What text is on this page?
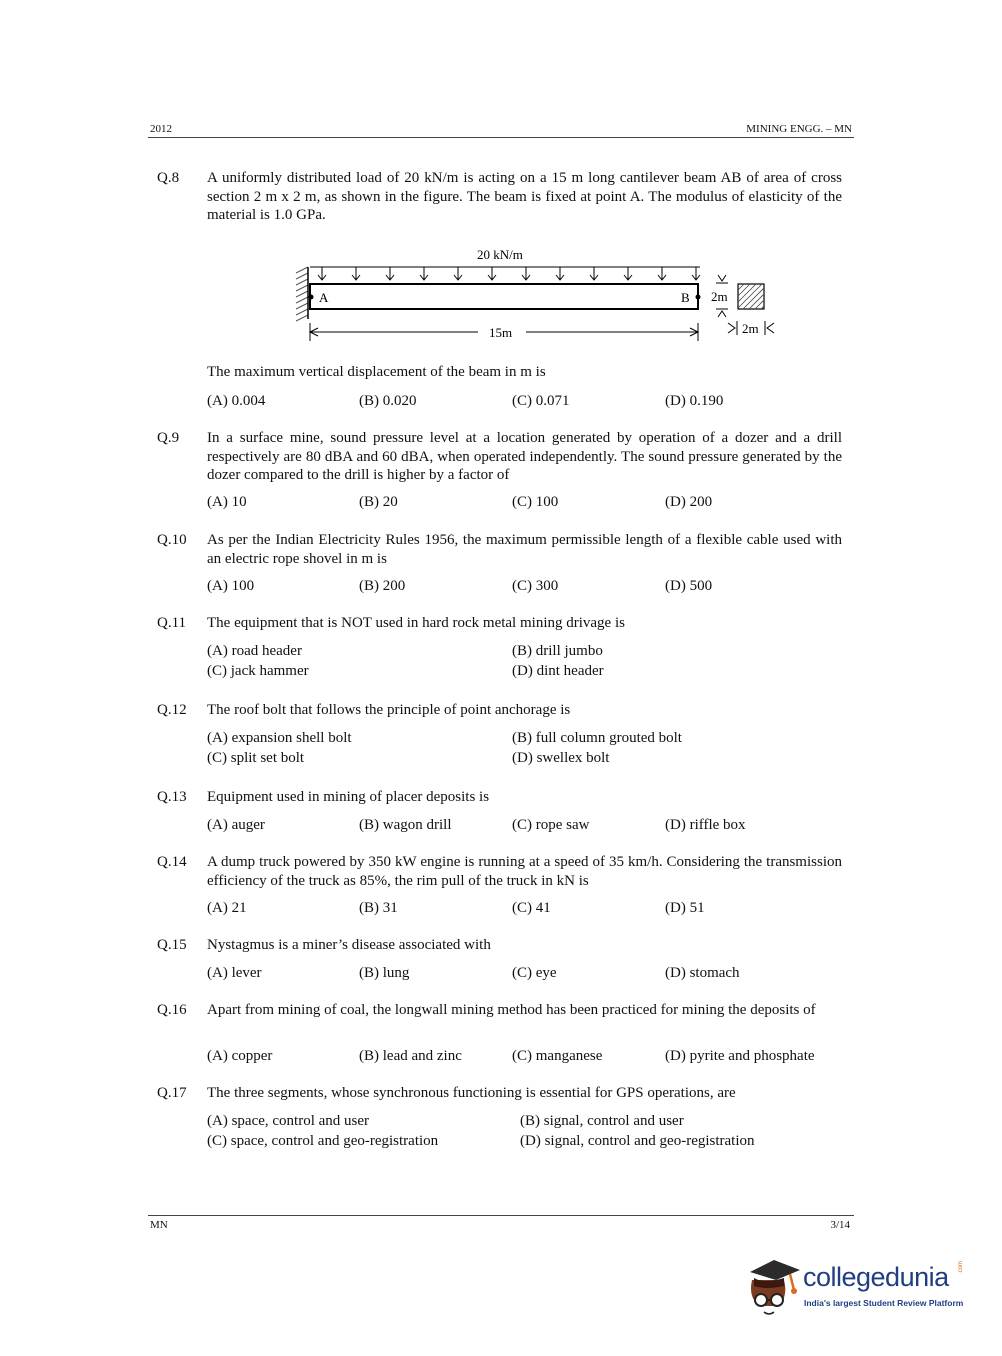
2012	MINING ENGG. – MN
Q.8	A uniformly distributed load of 20 kN/m is acting on a 15 m long cantilever beam AB of area of cross section 2 m x 2 m, as shown in the figure. The beam is fixed at point A. The modulus of elasticity of the material is 1.0 GPa.
20 kN/m
A	B
15m
2m
2m
The maximum vertical displacement of the beam in m is
(A) 0.004	(B) 0.020	(C) 0.071	(D) 0.190
Q.9	In a surface mine, sound pressure level at a location generated by operation of a dozer and a drill respectively are 80 dBA and 60 dBA, when operated independently. The sound pressure generated by the dozer compared to the drill is higher by a factor of
(A) 10	(B) 20	(C) 100	(D) 200
Q.10	As per the Indian Electricity Rules 1956, the maximum permissible length of a flexible cable used with an electric rope shovel in m is
(A) 100	(B) 200	(C) 300	(D) 500
Q.11	The equipment that is NOT used in hard rock metal mining drivage is
(A) road header	(B) drill jumbo
(C) jack hammer	(D) dint header
Q.12	The roof bolt that follows the principle of point anchorage is
(A) expansion shell bolt	(B) full column grouted bolt
(C) split set bolt	(D) swellex bolt
Q.13	Equipment used in mining of placer deposits is
(A) auger	(B) wagon drill	(C) rope saw	(D) riffle box
Q.14	A dump truck powered by 350 kW engine is running at a speed of 35 km/h. Considering the transmission efficiency of the truck as 85%, the rim pull of the truck in kN is
(A) 21	(B) 31	(C) 41	(D) 51
Q.15	Nystagmus is a miner’s disease associated with
(A) lever	(B) lung	(C) eye	(D) stomach
Q.16	Apart from mining of coal, the longwall mining method has been practiced for mining the deposits of
(A) copper	(B) lead and zinc	(C) manganese	(D) pyrite and phosphate
Q.17	The three segments, whose synchronous functioning is essential for GPS operations, are
(A) space, control and user	(B) signal, control and user
(C) space, control and geo-registration	(D) signal, control and geo-registration
MN	3/14
collegedunia .com
India's largest Student Review Platform
